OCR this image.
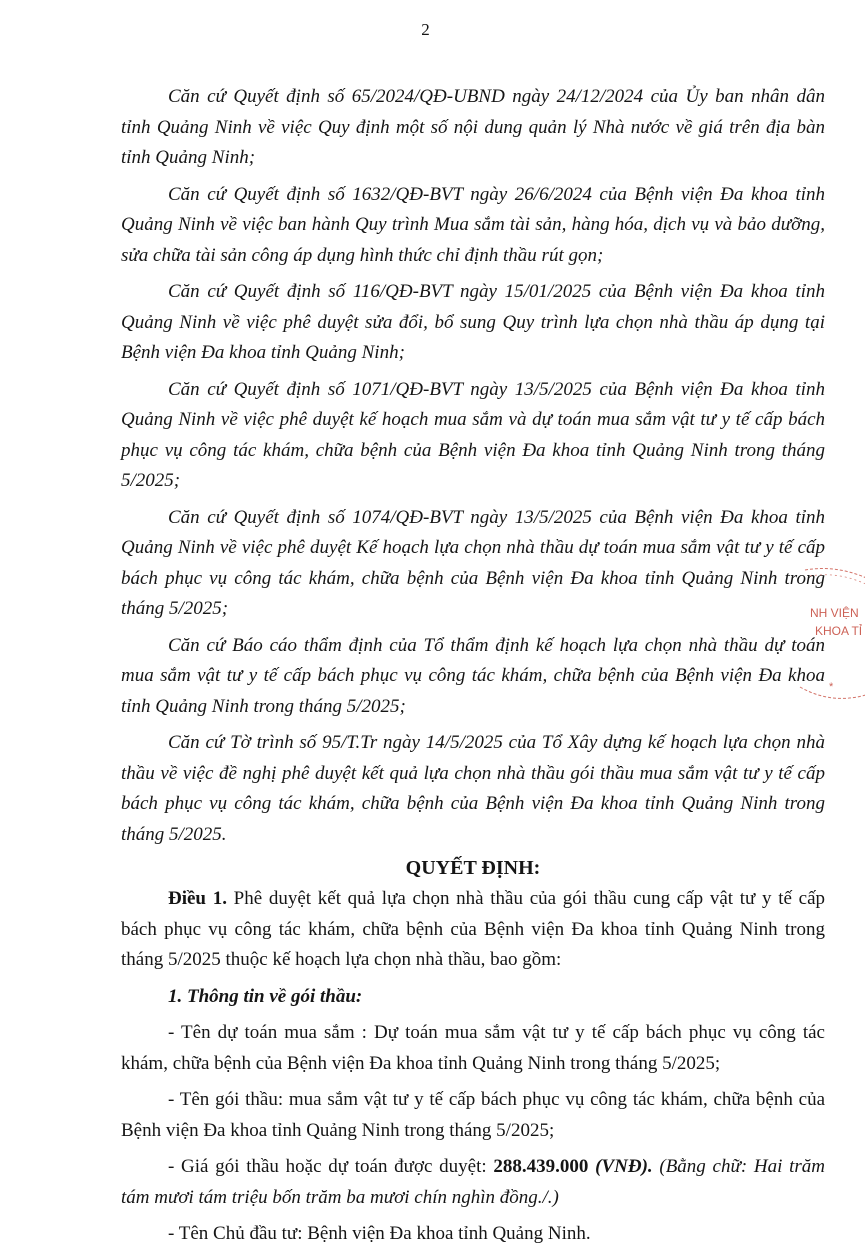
2

Căn cứ Quyết định số 65/2024/QĐ-UBND ngày 24/12/2024 của Ủy ban nhân dân tỉnh Quảng Ninh về việc Quy định một số nội dung quản lý Nhà nước về giá trên địa bàn tỉnh Quảng Ninh;

Căn cứ Quyết định số 1632/QĐ-BVT ngày 26/6/2024 của Bệnh viện Đa khoa tỉnh Quảng Ninh về việc ban hành Quy trình Mua sắm tài sản, hàng hóa, dịch vụ và bảo dưỡng, sửa chữa tài sản công áp dụng hình thức chỉ định thầu rút gọn;

Căn cứ Quyết định số 116/QĐ-BVT ngày 15/01/2025 của Bệnh viện Đa khoa tỉnh Quảng Ninh về việc phê duyệt sửa đổi, bổ sung Quy trình lựa chọn nhà thầu áp dụng tại Bệnh viện Đa khoa tỉnh Quảng Ninh;

Căn cứ Quyết định số 1071/QĐ-BVT ngày 13/5/2025 của Bệnh viện Đa khoa tỉnh Quảng Ninh về việc phê duyệt kế hoạch mua sắm và dự toán mua sắm vật tư y tế cấp bách phục vụ công tác khám, chữa bệnh của Bệnh viện Đa khoa tỉnh Quảng Ninh trong tháng 5/2025;

Căn cứ Quyết định số 1074/QĐ-BVT ngày 13/5/2025 của Bệnh viện Đa khoa tỉnh Quảng Ninh về việc phê duyệt Kế hoạch lựa chọn nhà thầu dự toán mua sắm vật tư y tế cấp bách phục vụ công tác khám, chữa bệnh của Bệnh viện Đa khoa tỉnh Quảng Ninh trong tháng 5/2025;

Căn cứ Báo cáo thẩm định của Tổ thẩm định kế hoạch lựa chọn nhà thầu dự toán mua sắm vật tư y tế cấp bách phục vụ công tác khám, chữa bệnh của Bệnh viện Đa khoa tỉnh Quảng Ninh trong tháng 5/2025;

Căn cứ Tờ trình số 95/T.Tr ngày 14/5/2025 của Tổ Xây dựng kế hoạch lựa chọn nhà thầu về việc đề nghị phê duyệt kết quả lựa chọn nhà thầu gói thầu mua sắm vật tư y tế cấp bách phục vụ công tác khám, chữa bệnh của Bệnh viện Đa khoa tỉnh Quảng Ninh trong tháng 5/2025.

QUYẾT ĐỊNH:

Điều 1. Phê duyệt kết quả lựa chọn nhà thầu của gói thầu cung cấp vật tư y tế cấp bách phục vụ công tác khám, chữa bệnh của Bệnh viện Đa khoa tỉnh Quảng Ninh trong tháng 5/2025 thuộc kế hoạch lựa chọn nhà thầu, bao gồm:

1. Thông tin về gói thầu:

- Tên dự toán mua sắm : Dự toán mua sắm vật tư y tế cấp bách phục vụ công tác khám, chữa bệnh của Bệnh viện Đa khoa tỉnh Quảng Ninh trong tháng 5/2025;

- Tên gói thầu: mua sắm vật tư y tế cấp bách phục vụ công tác khám, chữa bệnh của Bệnh viện Đa khoa tỉnh Quảng Ninh trong tháng 5/2025;

- Giá gói thầu hoặc dự toán được duyệt: 288.439.000 (VNĐ). (Bằng chữ: Hai trăm tám mươi tám triệu bốn trăm ba mươi chín nghìn đồng./.)

- Tên Chủ đầu tư: Bệnh viện Đa khoa tỉnh Quảng Ninh.

*
NH VIỆN
KHOA TỈ
